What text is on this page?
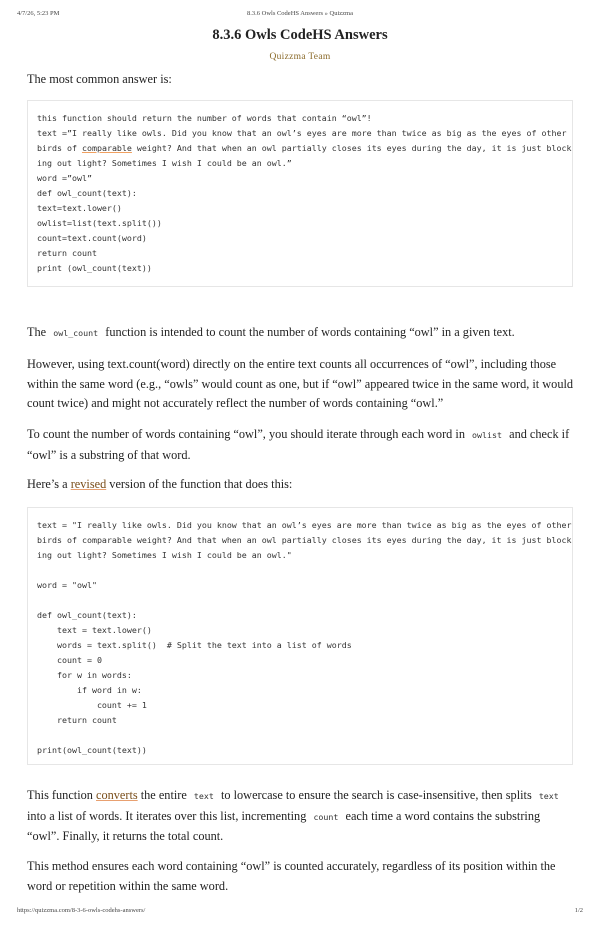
4/7/26, 5:23 PM	8.3.6 Owls CodeHS Answers » Quizzma
8.3.6 Owls CodeHS Answers
Quizzma Team
The most common answer is:
this function should return the number of words that contain “owl”!
text =”I really like owls. Did you know that an owl’s eyes are more than twice as big as the eyes of other
birds of comparable weight? And that when an owl partially closes its eyes during the day, it is just block
ing out light? Sometimes I wish I could be an owl.”
word =”owl”
def owl_count(text):
text=text.lower()
owlist=list(text.split())
count=text.count(word)
return count
print (owl_count(text))
The owl_count function is intended to count the number of words containing “owl” in a given text.
However, using text.count(word) directly on the entire text counts all occurrences of “owl”, including those within the same word (e.g., “owls” would count as one, but if “owl” appeared twice in the same word, it would count twice) and might not accurately reflect the number of words containing “owl.”
To count the number of words containing “owl”, you should iterate through each word in owlist and check if “owl” is a substring of that word.
Here’s a revised version of the function that does this:
text = "I really like owls. Did you know that an owl’s eyes are more than twice as big as the eyes of other
birds of comparable weight? And that when an owl partially closes its eyes during the day, it is just block
ing out light? Sometimes I wish I could be an owl."

word = "owl"

def owl_count(text):
text = text.lower()
words = text.split()  # Split the text into a list of words
count = 0
for w in words:
if word in w:
count += 1
return count

print(owl_count(text))
This function converts the entire text to lowercase to ensure the search is case-insensitive, then splits text into a list of words. It iterates over this list, incrementing count each time a word contains the substring “owl”. Finally, it returns the total count.
This method ensures each word containing “owl” is counted accurately, regardless of its position within the word or repetition within the same word.
https://quizzma.com/8-3-6-owls-codehs-answers/	1/2
